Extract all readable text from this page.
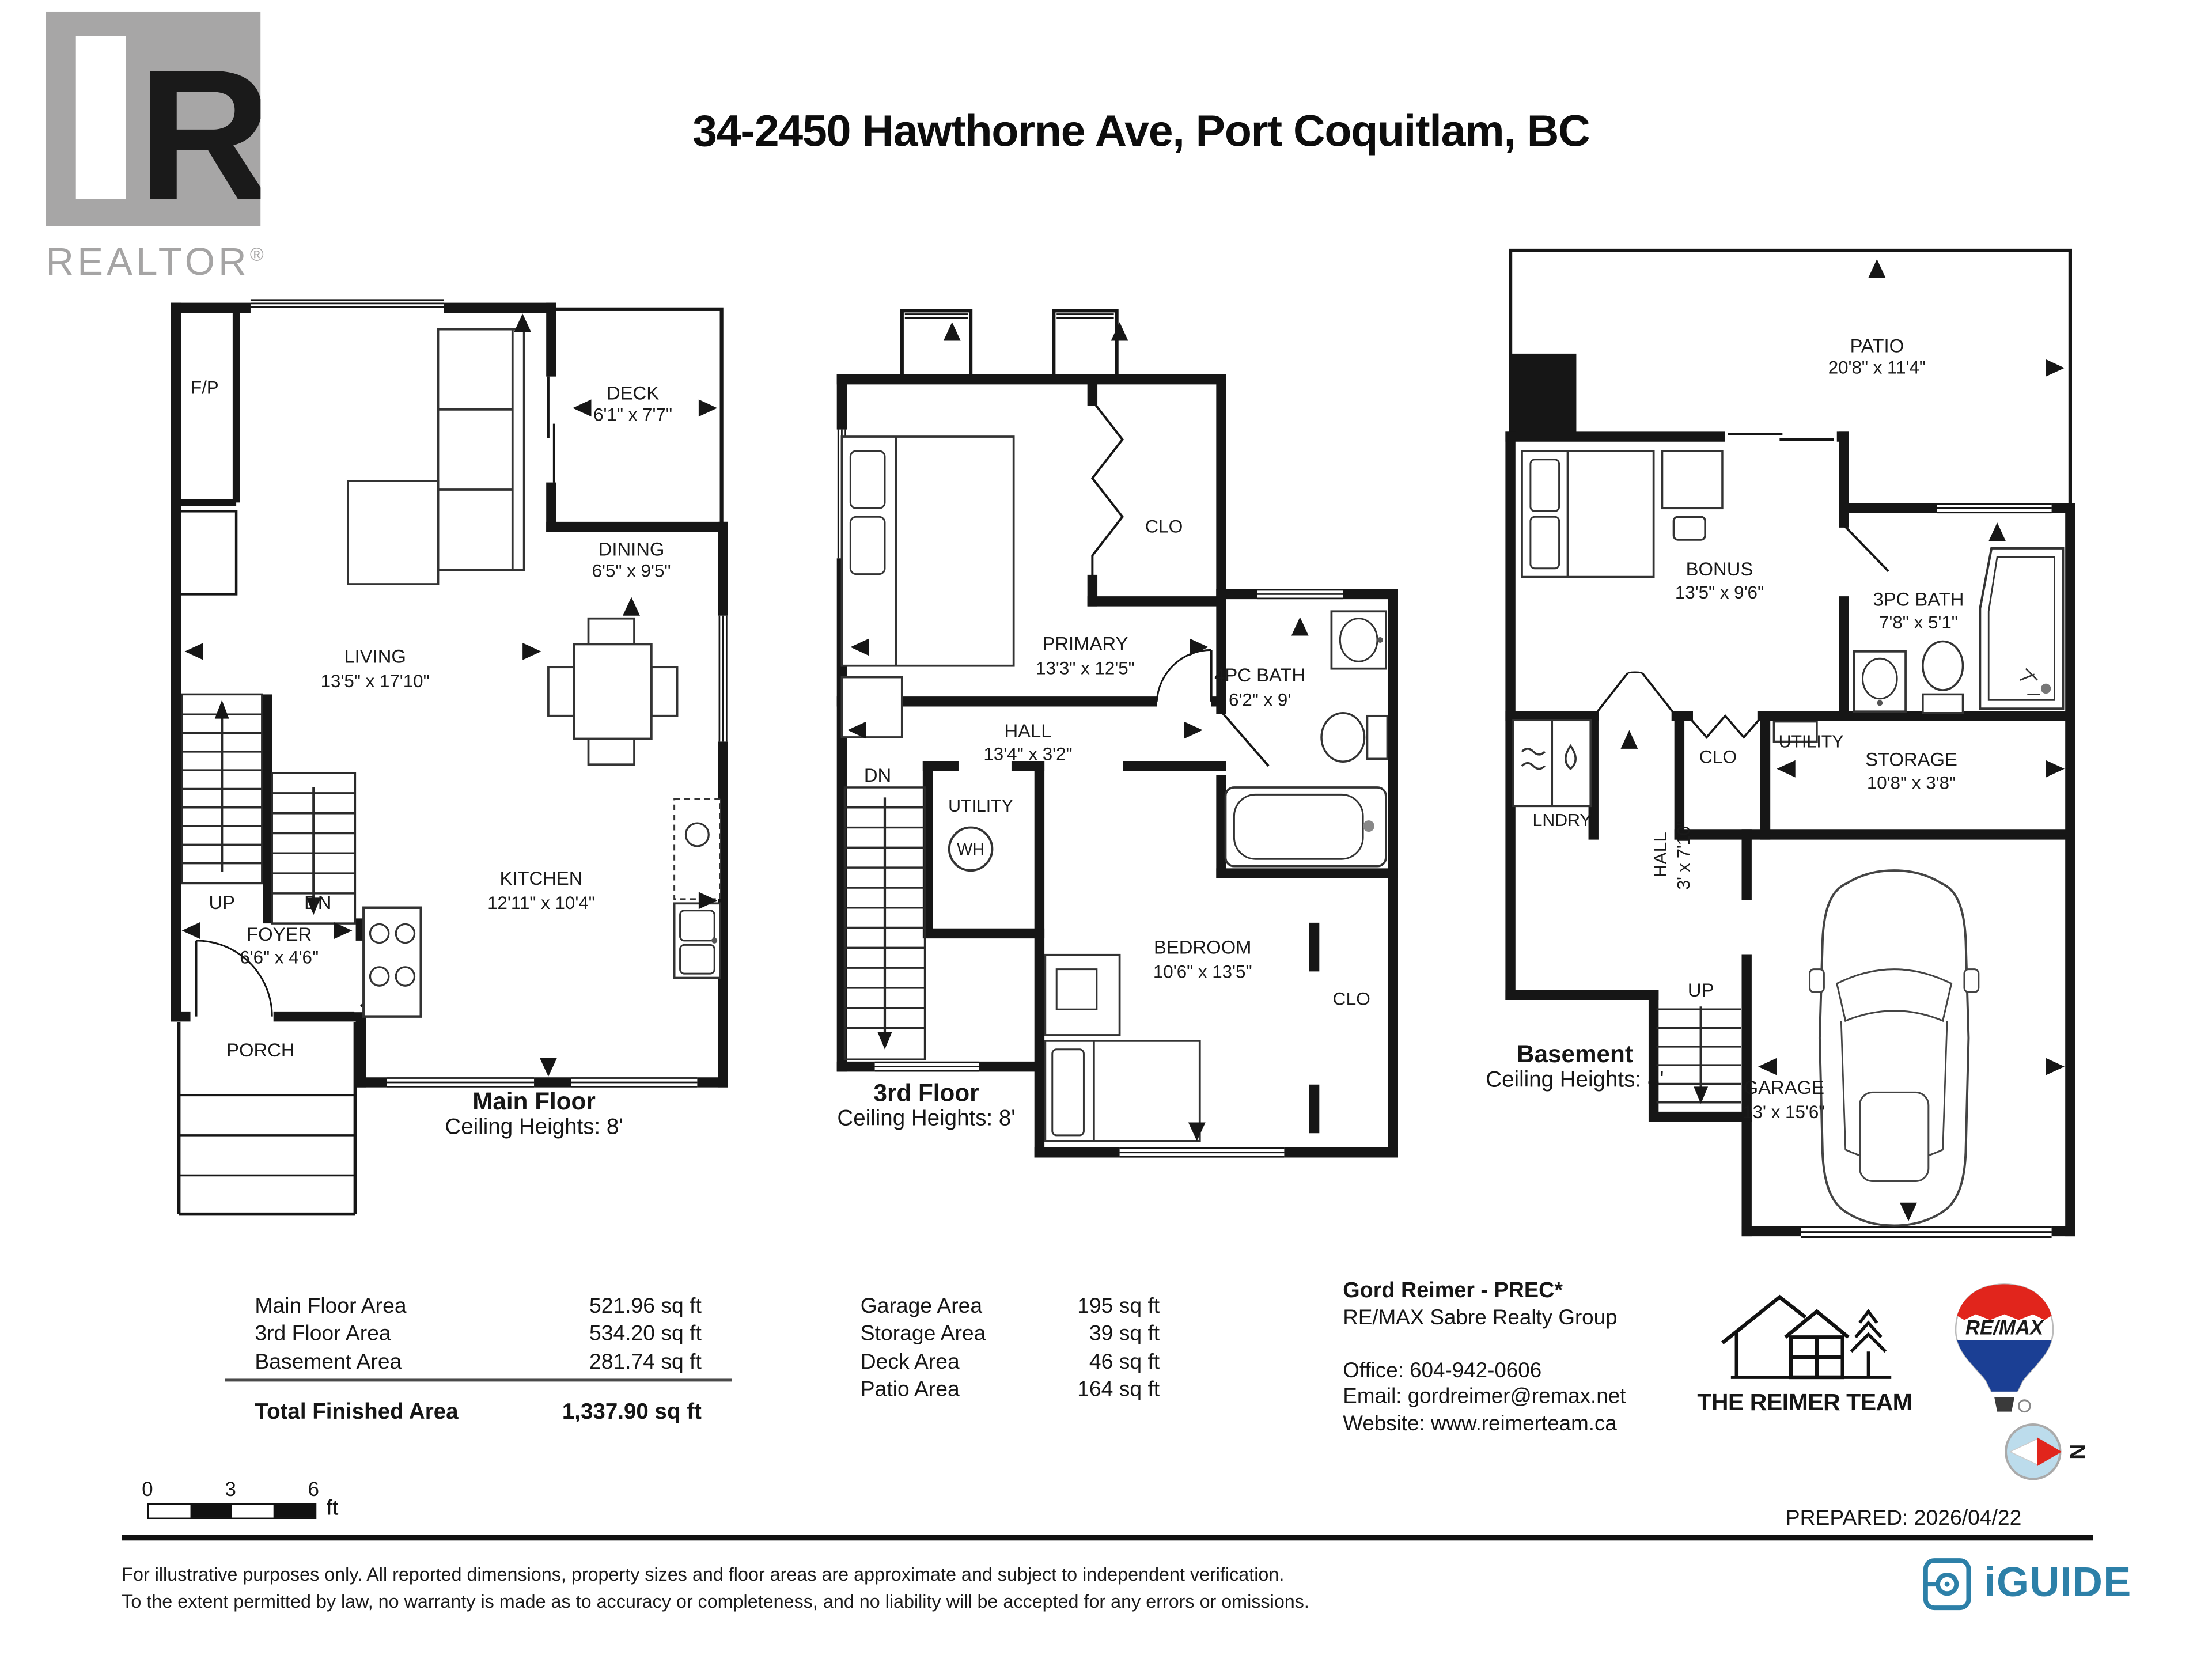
R
REALTOR®
34-2450 Hawthorne Ave, Port Coquitlam, BC
F/P	DECK
6'1" x 7'7"
LIVING
13'5" x 17'10"
DINING
6'5" x 9'5"
KITCHEN
12'11" x 10'4"
FOYER
6'6" x 4'6"
PORCH
UP	DN
Main Floor
Ceiling Heights: 8'
PRIMARY
13'3" x 12'5"
CLO
4PC BATH
6'2" x 9'
HALL
13'4" x 3'2"
UTILITY
WH
BEDROOM
10'6" x 13'5"
CLO
DN
3rd Floor
Ceiling Heights: 8'
PATIO
20'8" x 11'4"
BONUS
13'5" x 9'6"	3PC BATH
7'8" x 5'1"
CLO
UTILITY
STORAGE
10'8" x 3'8"
LNDRY
HALL 3' x 7'10"
UP
GARAGE
13' x 15'6"
Basement
Ceiling Heights: 8'
Main Floor Area	521.96 sq ft
3rd Floor Area	534.20 sq ft
Basement Area	281.74 sq ft
Total Finished Area	1,337.90 sq ft
Garage Area	195 sq ft
Storage Area	39 sq ft
Deck Area	46 sq ft
Patio Area	164 sq ft
Gord Reimer - PREC*
RE/MAX Sabre Realty Group
Office: 604-942-0606
Email: gordreimer@remax.net
Website: www.reimerteam.ca
THE REIMER TEAM
RE/MAX
N
PREPARED: 2026/04/22
0	3	6
ft
For illustrative purposes only. All reported dimensions, property sizes and floor areas are approximate and subject to independent verification.
To the extent permitted by law, no warranty is made as to accuracy or completeness, and no liability will be accepted for any errors or omissions.	iGUIDE
